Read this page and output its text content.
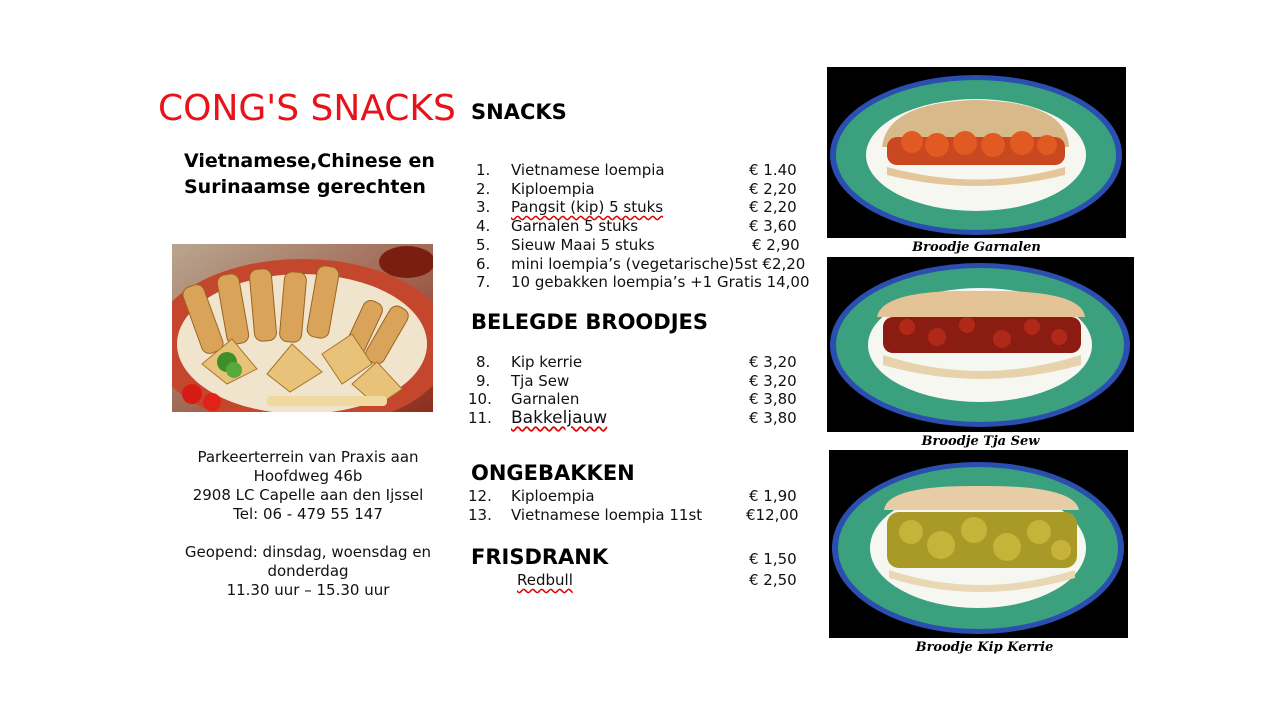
CONG'S SNACKS
Vietnamese,Chinese en
Surinaamse gerechten
Parkeerterrein van Praxis aan
Hoofdweg 46b
2908 LC Capelle aan den Ijssel
Tel: 06 - 479 55 147
Geopend: dinsdag, woensdag en
donderdag
11.30 uur – 15.30 uur
SNACKS
1.	Vietnamese loempia	€ 1.40
2.	Kiploempia	€ 2,20
3.	Pangsit (kip) 5 stuks	€ 2,20
4.	Garnalen 5 stuks	€ 3,60
5.	Sieuw Maai 5 stuks	€ 2,90
6.	mini loempia’s (vegetarische)5st €2,20
7.	10 gebakken loempia’s +1 Gratis 14,00
BELEGDE BROODJES
8.	Kip kerrie	€ 3,20
9.	Tja Sew	€ 3,20
10. Garnalen	€ 3,80
11. Bakkeljauw	€ 3,80
ONGEBAKKEN
12. Kiploempia	€ 1,90
13. Vietnamese loempia 11st	€12,00
FRISDRANK	€ 1,50
Redbull	€ 2,50
Broodje Garnalen
Broodje Tja Sew
Broodje Kip Kerrie
